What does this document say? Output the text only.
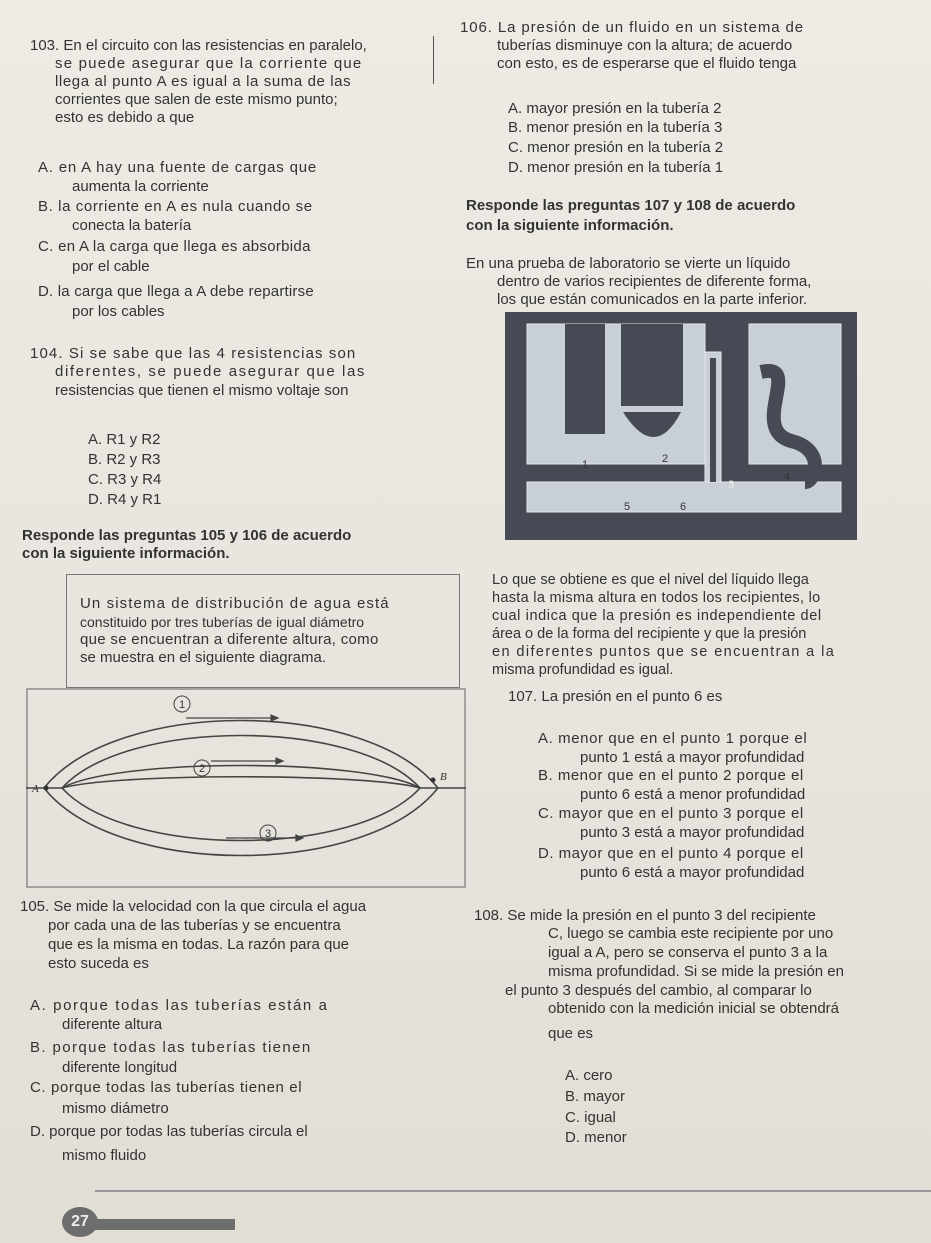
103. En el circuito con las resistencias en paralelo,
se puede asegurar que la corriente que
llega al punto A es igual a la suma de las
corrientes que salen de este mismo punto;
esto es debido a que
A. en A hay una fuente de cargas que
aumenta la corriente
B. la corriente en A es nula cuando se
conecta la batería
C. en A la carga que llega es absorbida
por el cable
D. la carga que llega a A debe repartirse
por los cables
104. Si se sabe que las 4 resistencias son
diferentes, se puede asegurar que las
resistencias que tienen el mismo voltaje son
A. R1 y R2
B. R2 y R3
C. R3 y R4
D. R4 y R1
Responde las preguntas 105 y 106 de acuerdo
con la siguiente información.
Un sistema de distribución de agua está
constituido por tres tuberías de igual diámetro
que se encuentran a diferente altura, como
se muestra en el siguiente diagrama.
1
2
3
A
B
105. Se mide la velocidad con la que circula el agua
por cada una de las tuberías y se encuentra
que es la misma en todas. La razón para que
esto suceda es
A. porque todas las tuberías están a
diferente altura
B. porque todas las tuberías tienen
diferente longitud
C. porque todas las tuberías tienen el
mismo diámetro
D. porque por todas las tuberías circula el
mismo fluido
106. La presión de un fluido en un sistema de
tuberías disminuye con la altura; de acuerdo
con esto, es de esperarse que el fluido tenga
A. mayor presión en la tubería 2
B. menor presión en la tubería 3
C. menor presión en la tubería 2
D. menor presión en la tubería 1
Responde las preguntas 107 y 108 de acuerdo
con la siguiente información.
En una prueba de laboratorio se vierte un líquido
dentro de varios recipientes de diferente forma,
los que están comunicados en la parte inferior.
1	2
3
4
5	6
Lo que se obtiene es que el nivel del líquido llega
hasta la misma altura en todos los recipientes, lo
cual indica que la presión es independiente del
área o de la forma del recipiente y que la presión
en diferentes puntos que se encuentran a la
misma profundidad es igual.
107. La presión en el punto 6 es
A. menor que en el punto 1 porque el
punto 1 está a mayor profundidad
B. menor que en el punto 2 porque el
punto 6 está a menor profundidad
C. mayor que en el punto 3 porque el
punto 3 está a mayor profundidad
D. mayor que en el punto 4 porque el
punto 6 está a mayor profundidad
108. Se mide la presión en el punto 3 del recipiente
C, luego se cambia este recipiente por uno
igual a A, pero se conserva el punto 3 a la
misma profundidad. Si se mide la presión en
el punto 3 después del cambio, al comparar lo
obtenido con la medición inicial se obtendrá
que es
A. cero
B. mayor
C. igual
D. menor
27
